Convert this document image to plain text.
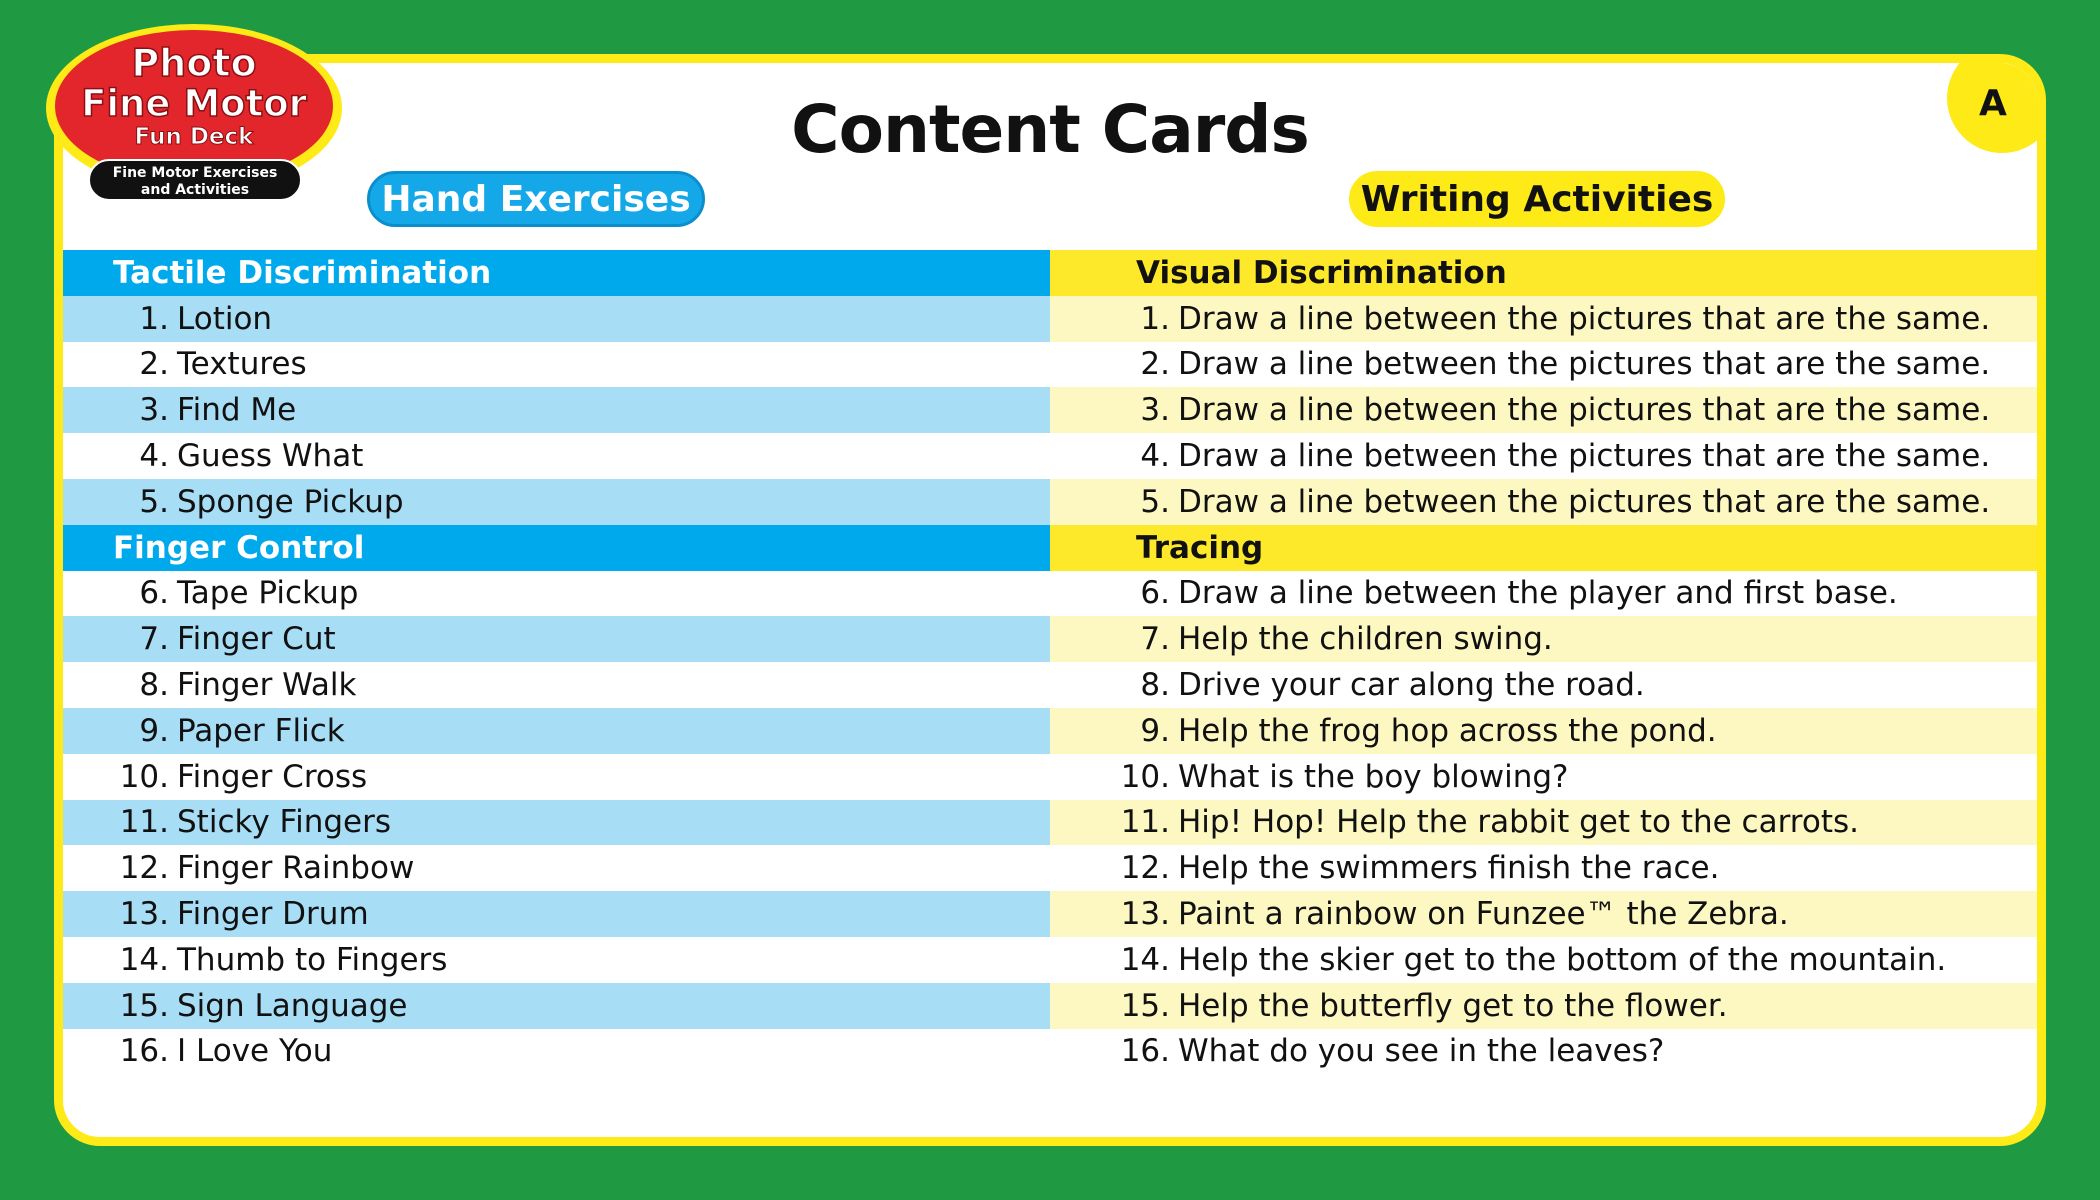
Content Cards
Hand Exercises	Writing Activities
A
Tactile Discrimination
1. Lotion
2. Textures
3. Find Me
4. Guess What
5. Sponge Pickup
Finger Control
6. Tape Pickup
7. Finger Cut
8. Finger Walk
9. Paper Flick
10. Finger Cross
11. Sticky Fingers
12. Finger Rainbow
13. Finger Drum
14. Thumb to Fingers
15. Sign Language
16. I Love You
Visual Discrimination
1. Draw a line between the pictures that are the same.
2. Draw a line between the pictures that are the same.
3. Draw a line between the pictures that are the same.
4. Draw a line between the pictures that are the same.
5. Draw a line between the pictures that are the same.
Tracing
6. Draw a line between the player and first base.
7. Help the children swing.
8. Drive your car along the road.
9. Help the frog hop across the pond.
10. What is the boy blowing?
11. Hip! Hop! Help the rabbit get to the carrots.
12. Help the swimmers finish the race.
13. Paint a rainbow on Funzee™ the Zebra.
14. Help the skier get to the bottom of the mountain.
15. Help the butterfly get to the flower.
16. What do you see in the leaves?
Photo
Fine Motor
Fun Deck
Fine Motor Exercises
and Activities
